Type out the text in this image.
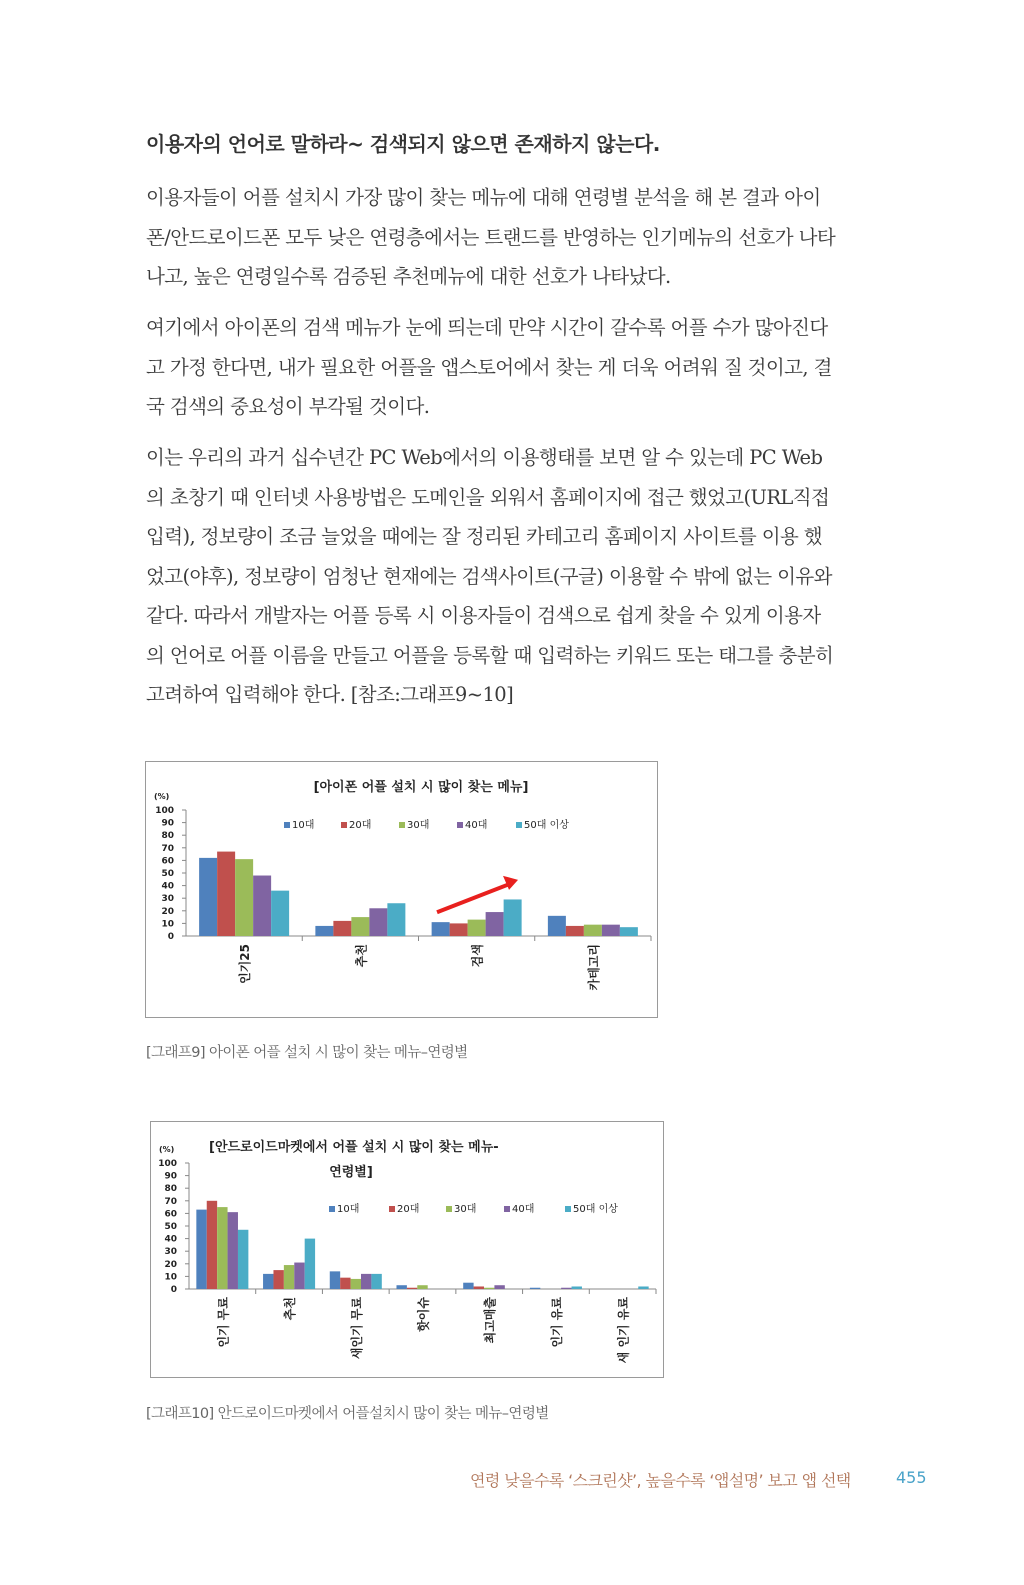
이용자의 언어로 말하라~ 검색되지 않으면 존재하지 않는다.

이용자들이 어플 설치시 가장 많이 찾는 메뉴에 대해 연령별 분석을 해 본 결과 아이
폰/안드로이드폰 모두 낮은 연령층에서는 트랜드를 반영하는 인기메뉴의 선호가 나타
나고, 높은 연령일수록 검증된 추천메뉴에 대한 선호가 나타났다.

여기에서 아이폰의 검색 메뉴가 눈에 띄는데 만약 시간이 갈수록 어플 수가 많아진다
고 가정 한다면, 내가 필요한 어플을 앱스토어에서 찾는 게 더욱 어려워 질 것이고, 결
국 검색의 중요성이 부각될 것이다.

이는 우리의 과거 십수년간 PC Web에서의 이용행태를 보면 알 수 있는데 PC Web
의 초창기 때 인터넷 사용방법은 도메인을 외워서 홈페이지에 접근 했었고(URL직접
입력), 정보량이 조금 늘었을 때에는 잘 정리된 카테고리 홈페이지 사이트를 이용 했
었고(야후), 정보량이 엄청난 현재에는 검색사이트(구글) 이용할 수 밖에 없는 이유와
같다. 따라서 개발자는 어플 등록 시 이용자들이 검색으로 쉽게 찾을 수 있게 이용자
의 언어로 어플 이름을 만들고 어플을 등록할 때 입력하는 키워드 또는 태그를 충분히
고려하여 입력해야 한다. [참조:그래프9~10]

[아이폰 어플 설치 시 많이 찾는 메뉴]
(%)
100
90
80
70
60
50
40
30
20
10
0
10대	20대	30대	40대	50대 이상
인기25	추천	검색	카테고리
[그래프9] 아이폰 어플 설치 시 많이 찾는 메뉴–연령별
[안드로이드마켓에서 어플 설치 시 많이 찾는 메뉴-
연령별]
(%)
100
90
80
70
60
50
40
30
20
10
0
10대	20대	30대	40대	50대 이상
인기 무료	추천	새인기 무료	핫이슈	최고매출	인기 유료	새 인기 유료
[그래프10] 안드로이드마켓에서 어플설치시 많이 찾는 메뉴–연령별
연령 낮을수록 ‘스크린샷’, 높을수록 ‘앱설명’ 보고 앱 선택	455
